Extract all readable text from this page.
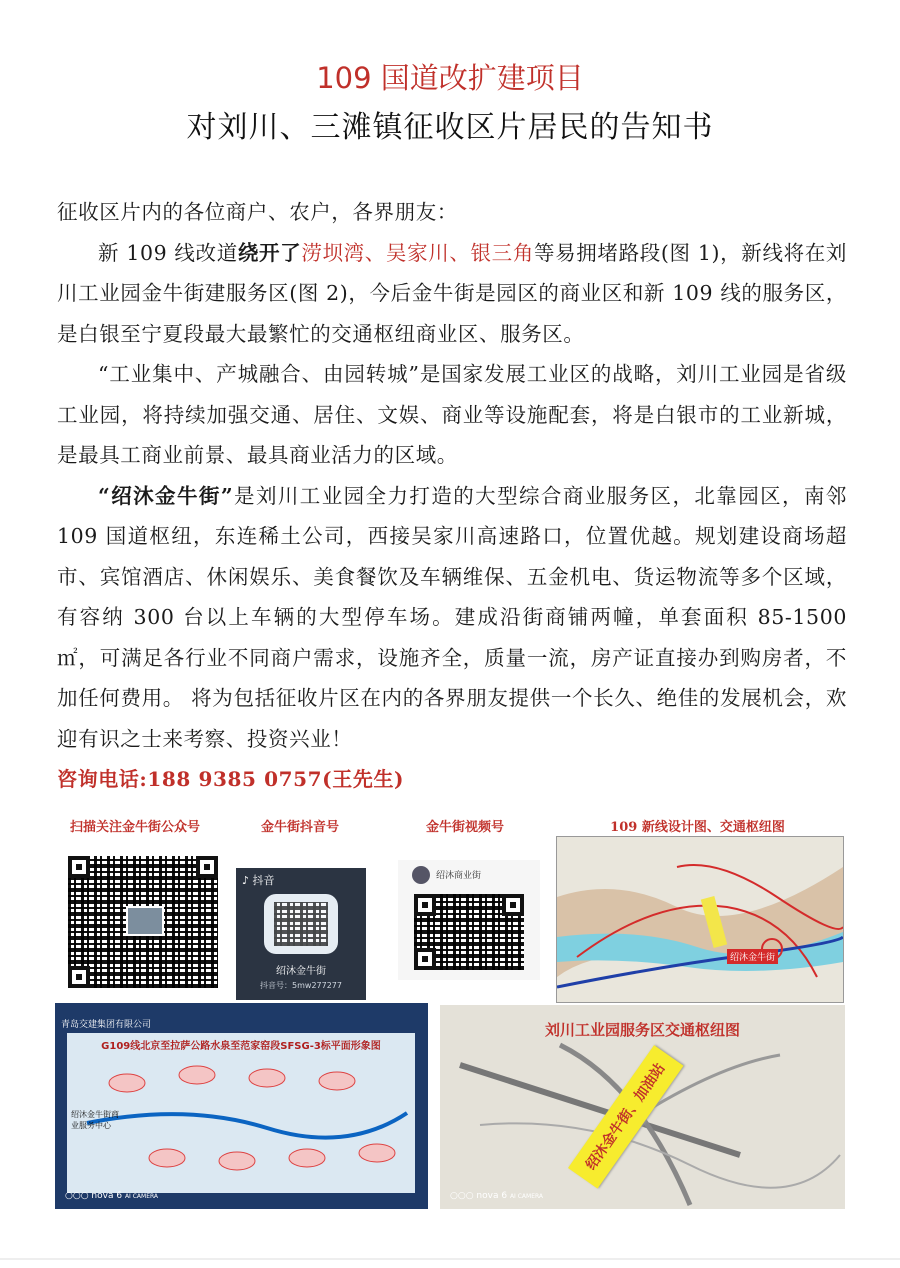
109 国道改扩建项目
对刘川、三滩镇征收区片居民的告知书

征收区片内的各位商户、农户，各界朋友：

新 109 线改道绕开了涝坝湾、吴家川、银三角等易拥堵路段(图 1)，新线将在刘川工业园金牛街建服务区(图 2)，今后金牛街是园区的商业区和新 109 线的服务区，是白银至宁夏段最大最繁忙的交通枢纽商业区、服务区。

“工业集中、产城融合、由园转城”是国家发展工业区的战略，刘川工业园是省级工业园，将持续加强交通、居住、文娱、商业等设施配套，将是白银市的工业新城，是最具工商业前景、最具商业活力的区域。

“绍沐金牛街”是刘川工业园全力打造的大型综合商业服务区，北靠园区，南邻 109 国道枢纽，东连稀土公司，西接吴家川高速路口，位置优越。规划建设商场超市、宾馆酒店、休闲娱乐、美食餐饮及车辆维保、五金机电、货运物流等多个区域，有容纳 300 台以上车辆的大型停车场。建成沿街商铺两幢，单套面积 85-1500 ㎡，可满足各行业不同商户需求，设施齐全，质量一流，房产证直接办到购房者，不加任何费用。 将为包括征收片区在内的各界朋友提供一个长久、绝佳的发展机会，欢迎有识之士来考察、投资兴业！

咨询电话:188 9385 0757(王先生)

扫描关注金牛街公众号	金牛街抖音号	金牛街视频号	109 新线设计图、交通枢纽图
♪ 抖音
绍沐金牛街
抖音号：5mw277277
绍沐商业街
绍沐金牛街
青岛交建集团有限公司
G109线北京至拉萨公路水泉至范家窑段SFSG-3标平面形象图
绍沐金牛街商业服务中心
○○○ nova 6 AI CAMERA
刘川工业园服务区交通枢纽图
○○○ nova 6 AI CAMERA
绍沐金牛街、加油站
